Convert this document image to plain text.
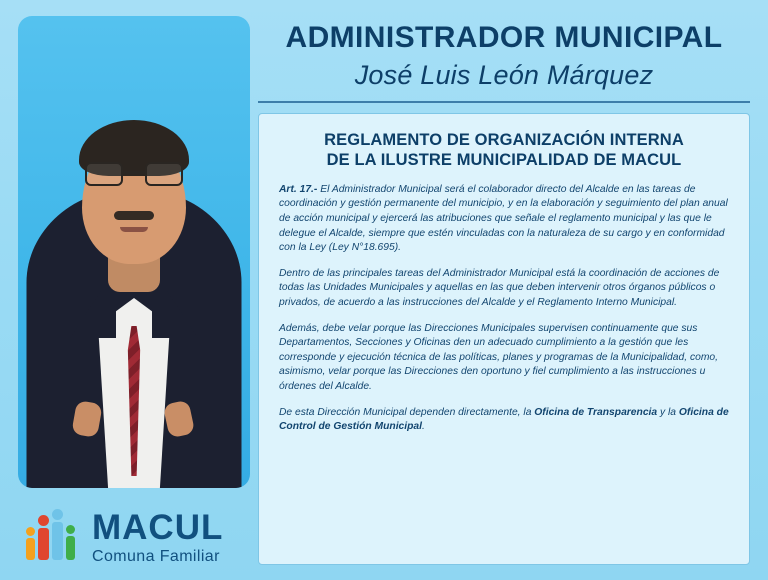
MACUL
Comuna Familiar
ADMINISTRADOR MUNICIPAL
José Luis León Márquez
REGLAMENTO DE ORGANIZACIÓN INTERNA
DE LA ILUSTRE MUNICIPALIDAD DE MACUL

Art. 17.- El Administrador Municipal será el colaborador directo del Alcalde en las tareas de coordinación y gestión permanente del municipio, y en la elaboración y seguimiento del plan anual de acción municipal y ejercerá las atribuciones que señale el reglamento municipal y las que le delegue el Alcalde, siempre que estén vinculadas con la naturaleza de su cargo y en conformidad con la Ley (Ley N°18.695).

Dentro de las principales tareas del Administrador Municipal está la coordinación de acciones de todas las Unidades Municipales y aquellas en las que deben intervenir otros órganos públicos o privados, de acuerdo a las instrucciones del Alcalde y el Reglamento Interno Municipal.

Además, debe velar porque las Direcciones Municipales supervisen continuamente que sus Departamentos, Secciones y Oficinas den un adecuado cumplimiento a la gestión que les corresponde y ejecución técnica de las políticas, planes y programas de la Municipalidad, como, asimismo, velar porque las Direcciones den oportuno y fiel cumplimiento a las instrucciones u órdenes del Alcalde.

De esta Dirección Municipal dependen directamente, la Oficina de Transparencia y la Oficina de Control de Gestión Municipal.
